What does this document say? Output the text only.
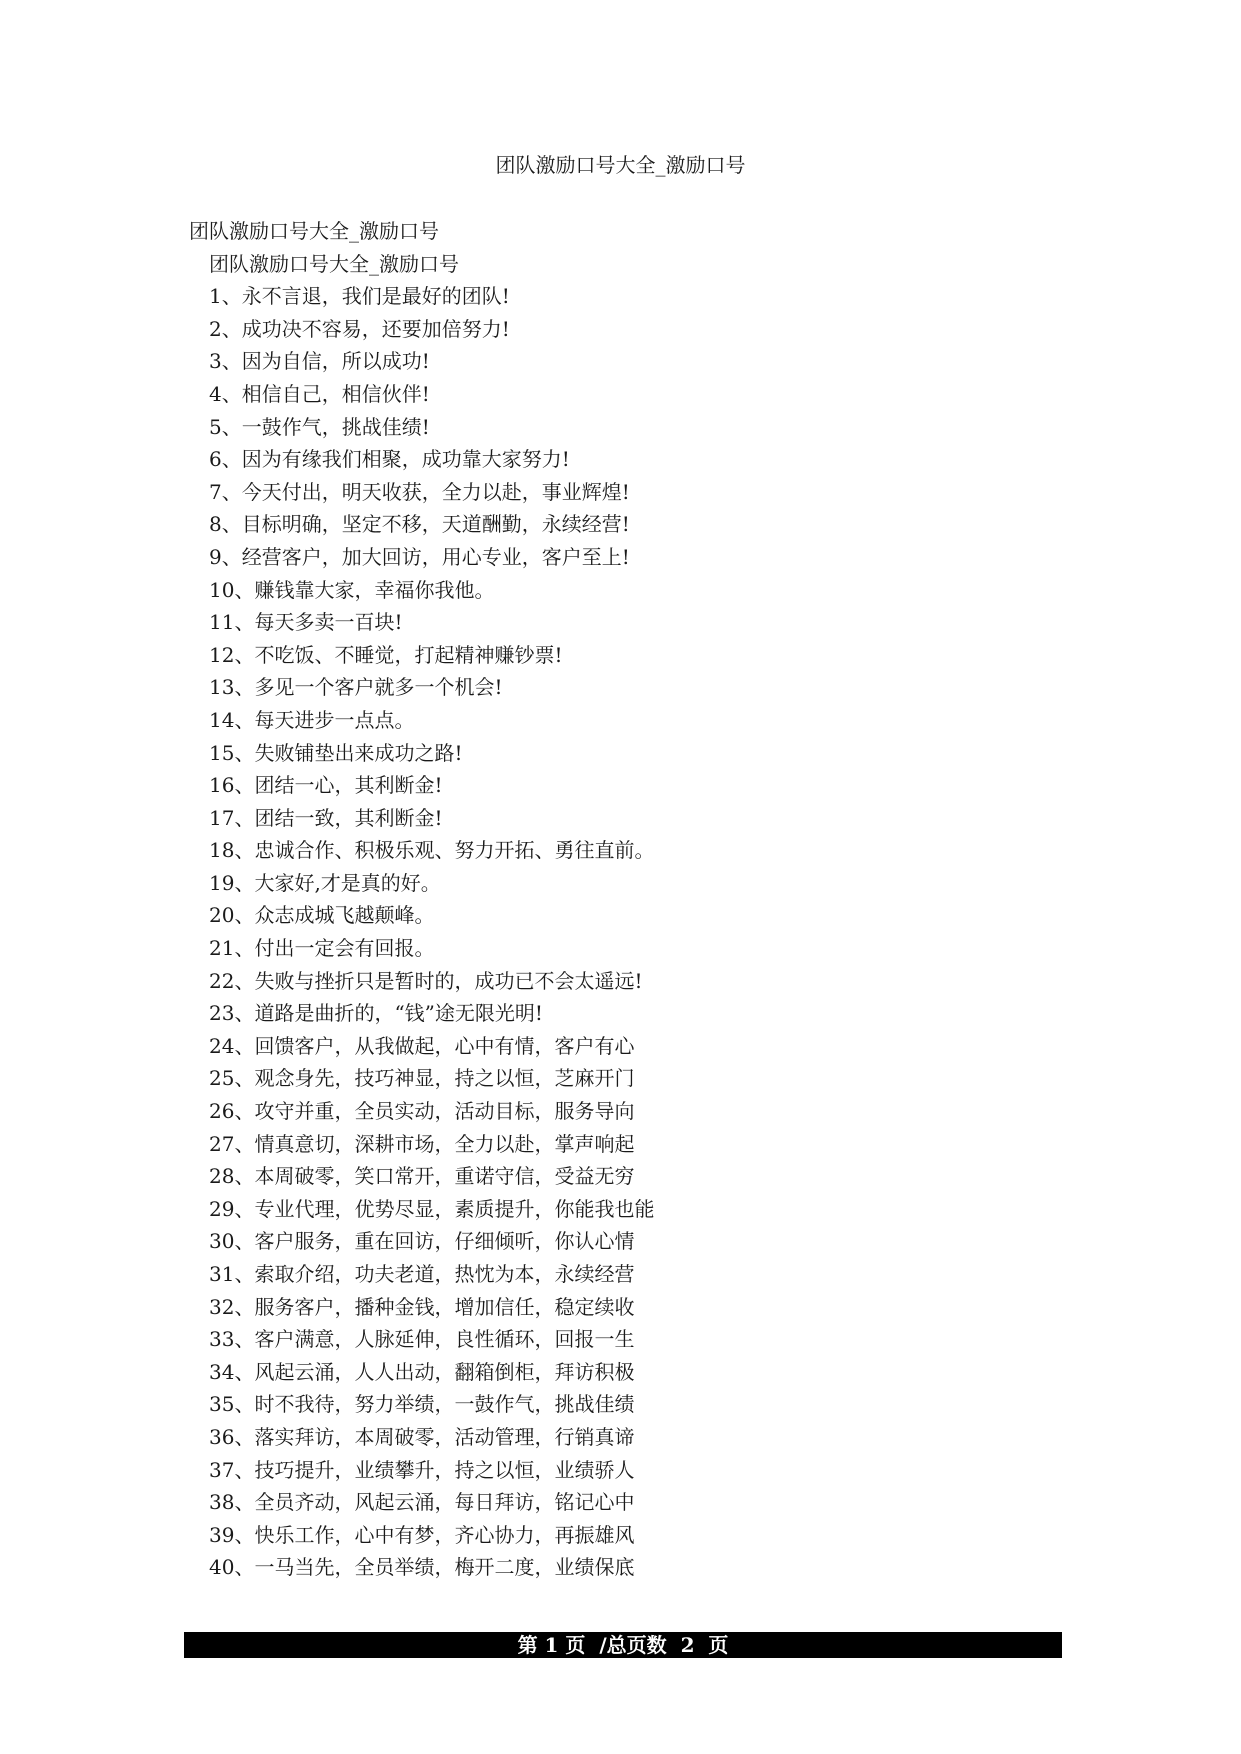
团队激励口号大全_激励口号
团队激励口号大全_激励口号
团队激励口号大全_激励口号
1、永不言退，我们是最好的团队!
2、成功决不容易，还要加倍努力!
3、因为自信，所以成功!
4、相信自己，相信伙伴!
5、一鼓作气，挑战佳绩!
6、因为有缘我们相聚，成功靠大家努力!
7、今天付出，明天收获，全力以赴，事业辉煌!
8、目标明确，坚定不移，天道酬勤，永续经营!
9、经营客户，加大回访，用心专业，客户至上!
10、赚钱靠大家，幸福你我他。
11、每天多卖一百块!
12、不吃饭、不睡觉，打起精神赚钞票!
13、多见一个客户就多一个机会!
14、每天进步一点点。
15、失败铺垫出来成功之路!
16、团结一心，其利断金!
17、团结一致，其利断金!
18、忠诚合作、积极乐观、努力开拓、勇往直前。
19、大家好,才是真的好。
20、众志成城飞越颠峰。
21、付出一定会有回报。
22、失败与挫折只是暂时的，成功已不会太遥远!
23、道路是曲折的，“钱”途无限光明!
24、回馈客户，从我做起，心中有情，客户有心
25、观念身先，技巧神显，持之以恒，芝麻开门
26、攻守并重，全员实动，活动目标，服务导向
27、情真意切，深耕市场，全力以赴，掌声响起
28、本周破零，笑口常开，重诺守信，受益无穷
29、专业代理，优势尽显，素质提升，你能我也能
30、客户服务，重在回访，仔细倾听，你认心情
31、索取介绍，功夫老道，热忱为本，永续经营
32、服务客户，播种金钱，增加信任，稳定续收
33、客户满意，人脉延伸，良性循环，回报一生
34、风起云涌，人人出动，翻箱倒柜，拜访积极
35、时不我待，努力举绩，一鼓作气，挑战佳绩
36、落实拜访，本周破零，活动管理，行销真谛
37、技巧提升，业绩攀升，持之以恒，业绩骄人
38、全员齐动，风起云涌，每日拜访，铭记心中
39、快乐工作，心中有梦，齐心协力，再振雄风
40、一马当先，全员举绩，梅开二度，业绩保底
第 1 页  /总页数  2  页
